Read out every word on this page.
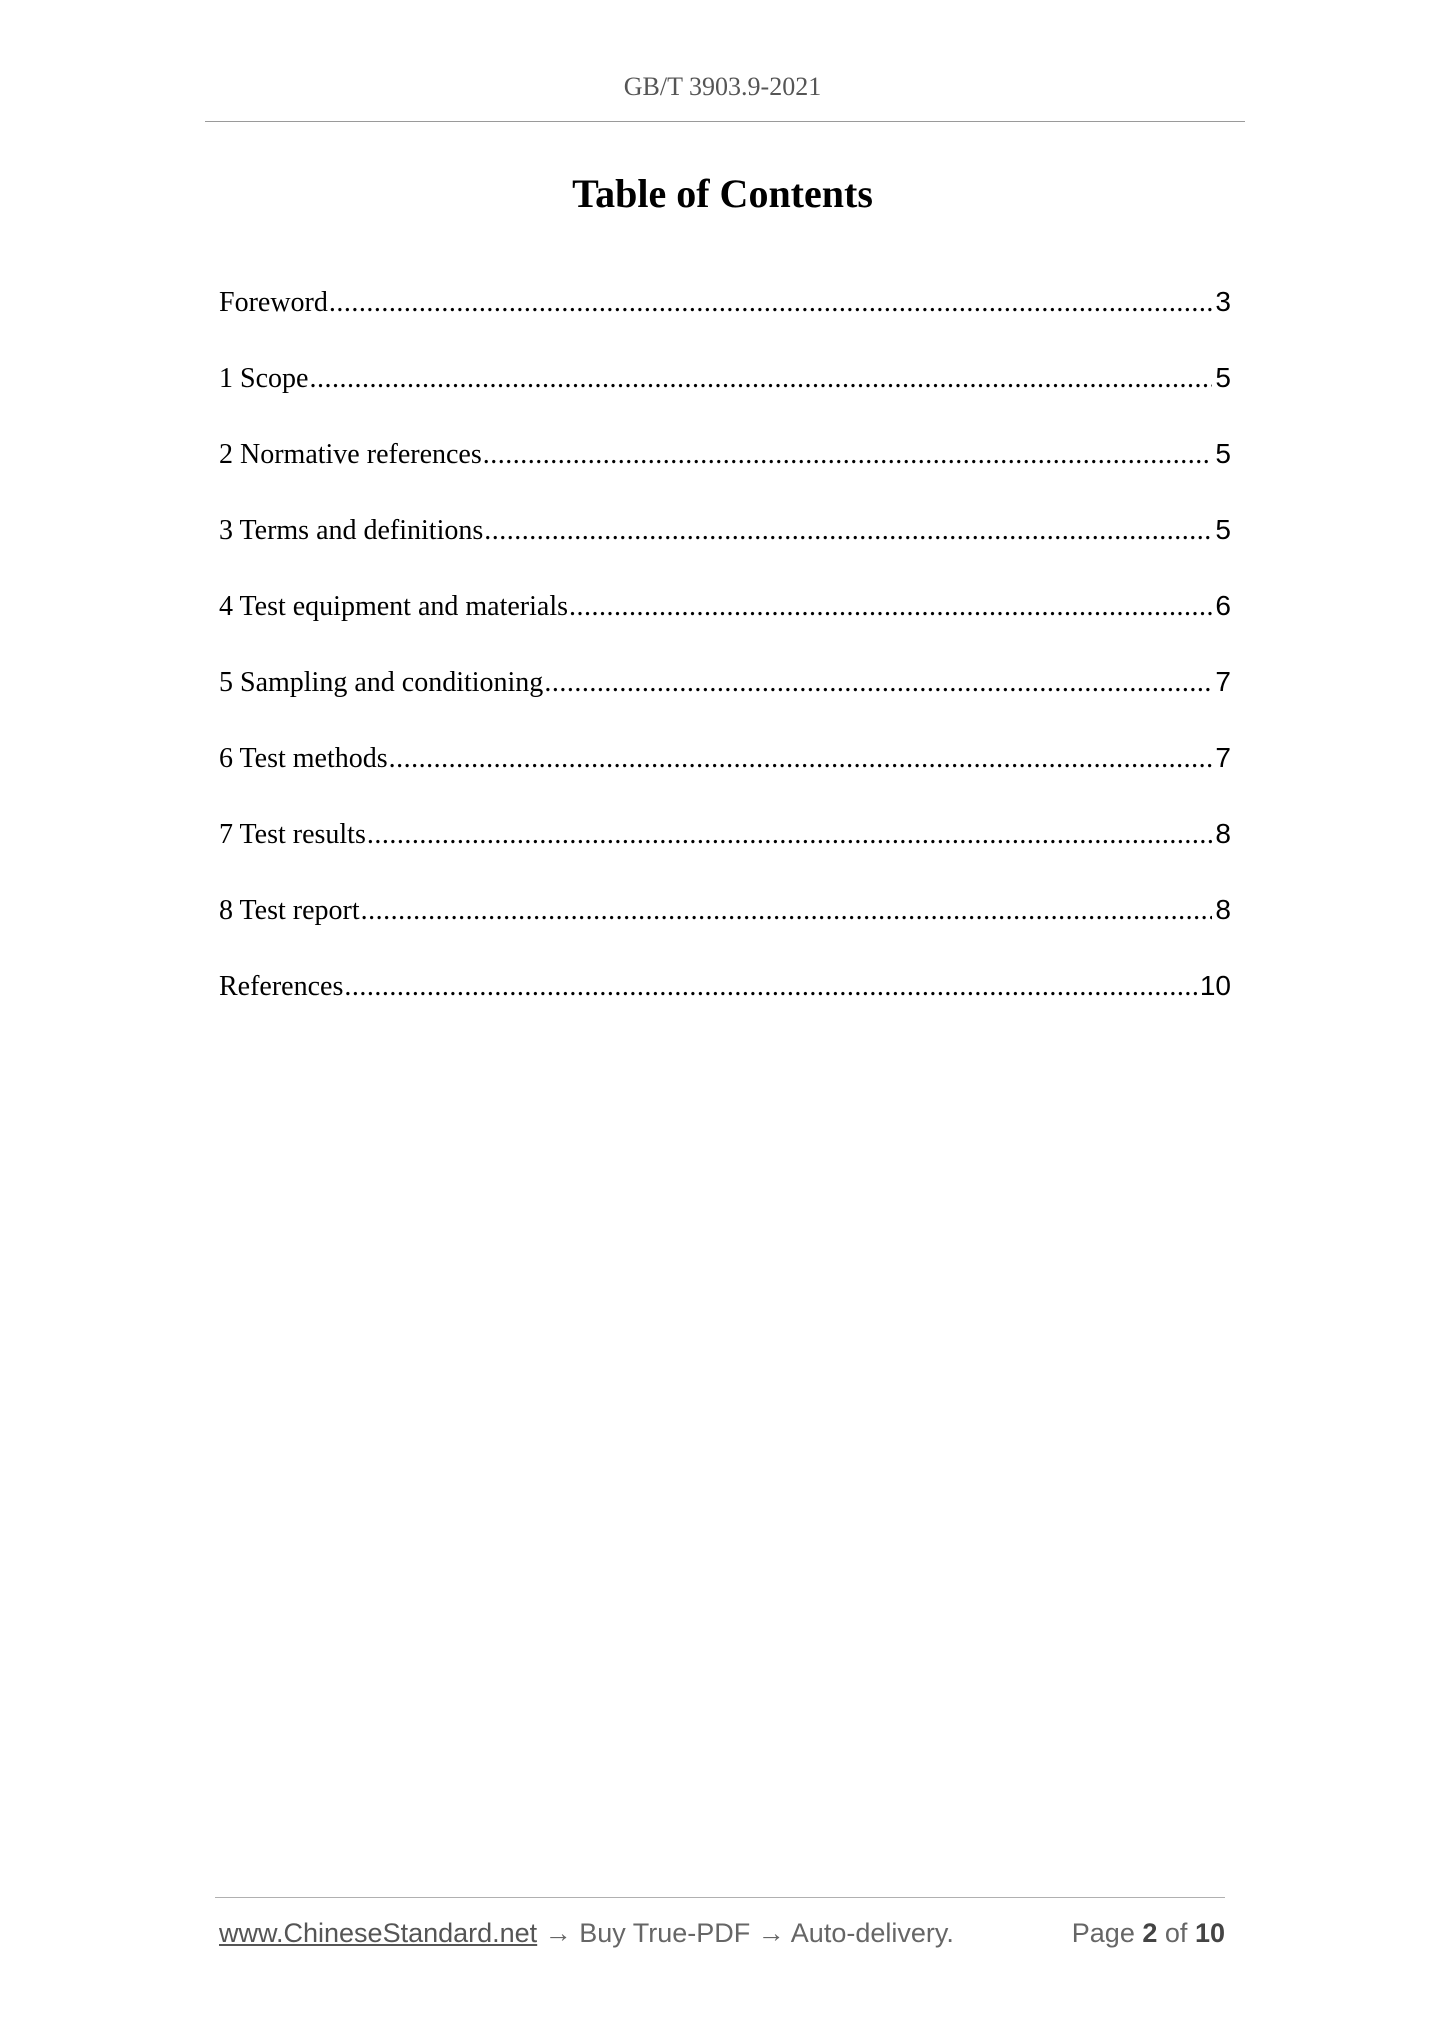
GB/T 3903.9-2021
Table of Contents
Foreword .....	3
1 Scope .....	5
2 Normative references .....	5
3 Terms and definitions .....	5
4 Test equipment and materials .....	6
5 Sampling and conditioning .....	7
6 Test methods .....	7
7 Test results .....	8
8 Test report .....	8
References .....	10
www.ChineseStandard.net → Buy True-PDF → Auto-delivery.	Page 2 of 10
